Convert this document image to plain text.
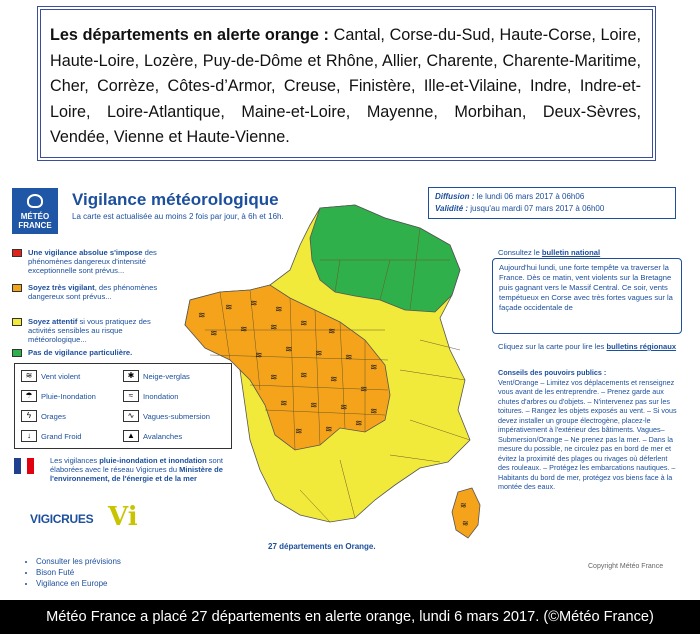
Les départements en alerte orange : Cantal, Corse-du-Sud, Haute-Corse, Loire, Haute-Loire, Lozère, Puy-de-Dôme et Rhône, Allier, Charente, Charente-Maritime, Cher, Corrèze, Côtes-d’Armor, Creuse, Finistère, Ille-et-Vilaine, Indre, Indre-et-Loire, Loire-Atlantique, Maine-et-Loire, Mayenne, Morbihan, Deux-Sèvres, Vendée, Vienne et Haute-Vienne.
MÉTÉO FRANCE
Vigilance météorologique
La carte est actualisée au moins 2 fois par jour, à 6h et 16h.
Diffusion : le lundi 06 mars 2017 à 06h06
Validité : jusqu'au mardi 07 mars 2017 à 06h00
Une vigilance absolue s'impose des phénomènes dangereux d'intensité exceptionnelle sont prévus...
Soyez très vigilant, des phénomènes dangereux sont prévus...
Soyez attentif si vous pratiquez des activités sensibles au risque météorologique...
Pas de vigilance particulière.
≋	Vent violent	✱	Neige-verglas
☂	Pluie-Inondation	≈	Inondation
ϟ	Orages	∿	Vagues-submersion
↓	Grand Froid	▲	Avalanches
Les vigilances pluie-inondation et inondation sont élaborées avec le réseau Vigicrues du Ministère de l'environnement, de l'énergie et de la mer
VIGICRUES Vi
• Consulter les prévisions
• Bison Futé
• Vigilance en Europe
≋
≋ ≋
≋
≋ ≋ ≋ ≋
≋
≋
≋ ≋ ≋
≋
≋ ≋ ≋
≋
≋ ≋ ≋ ≋
≋ ≋
≋
≋
≋
27 départements en Orange.
Copyright Météo France
Consultez le bulletin national
Aujourd'hui lundi, une forte tempête va traverser la France. Dès ce matin, vent violents sur la Bretagne puis gagnant vers le Massif Central. Ce soir, vents tempétueux en Corse avec très fortes vagues sur la façade occidentale de
Cliquez sur la carte pour lire les bulletins régionaux
Conseils des pouvoirs publics :
Vent/Orange – Limitez vos déplacements et renseignez vous avant de les entreprendre. – Prenez garde aux chutes d'arbres ou d'objets. – N'intervenez pas sur les toitures. – Rangez les objets exposés au vent. – Si vous devez installer un groupe électrogène, placez-le impérativement à l'extérieur des bâtiments. Vagues–Submersion/Orange – Ne prenez pas la mer. – Dans la mesure du possible, ne circulez pas en bord de mer et évitez la proximité des plages ou rivages où déferlent des rouleaux. – Protégez les embarcations nautiques. – Habitants du bord de mer, protégez vos biens face à la montée des eaux.
Météo France a placé 27 départements en alerte orange, lundi 6 mars 2017. (©Météo France)
